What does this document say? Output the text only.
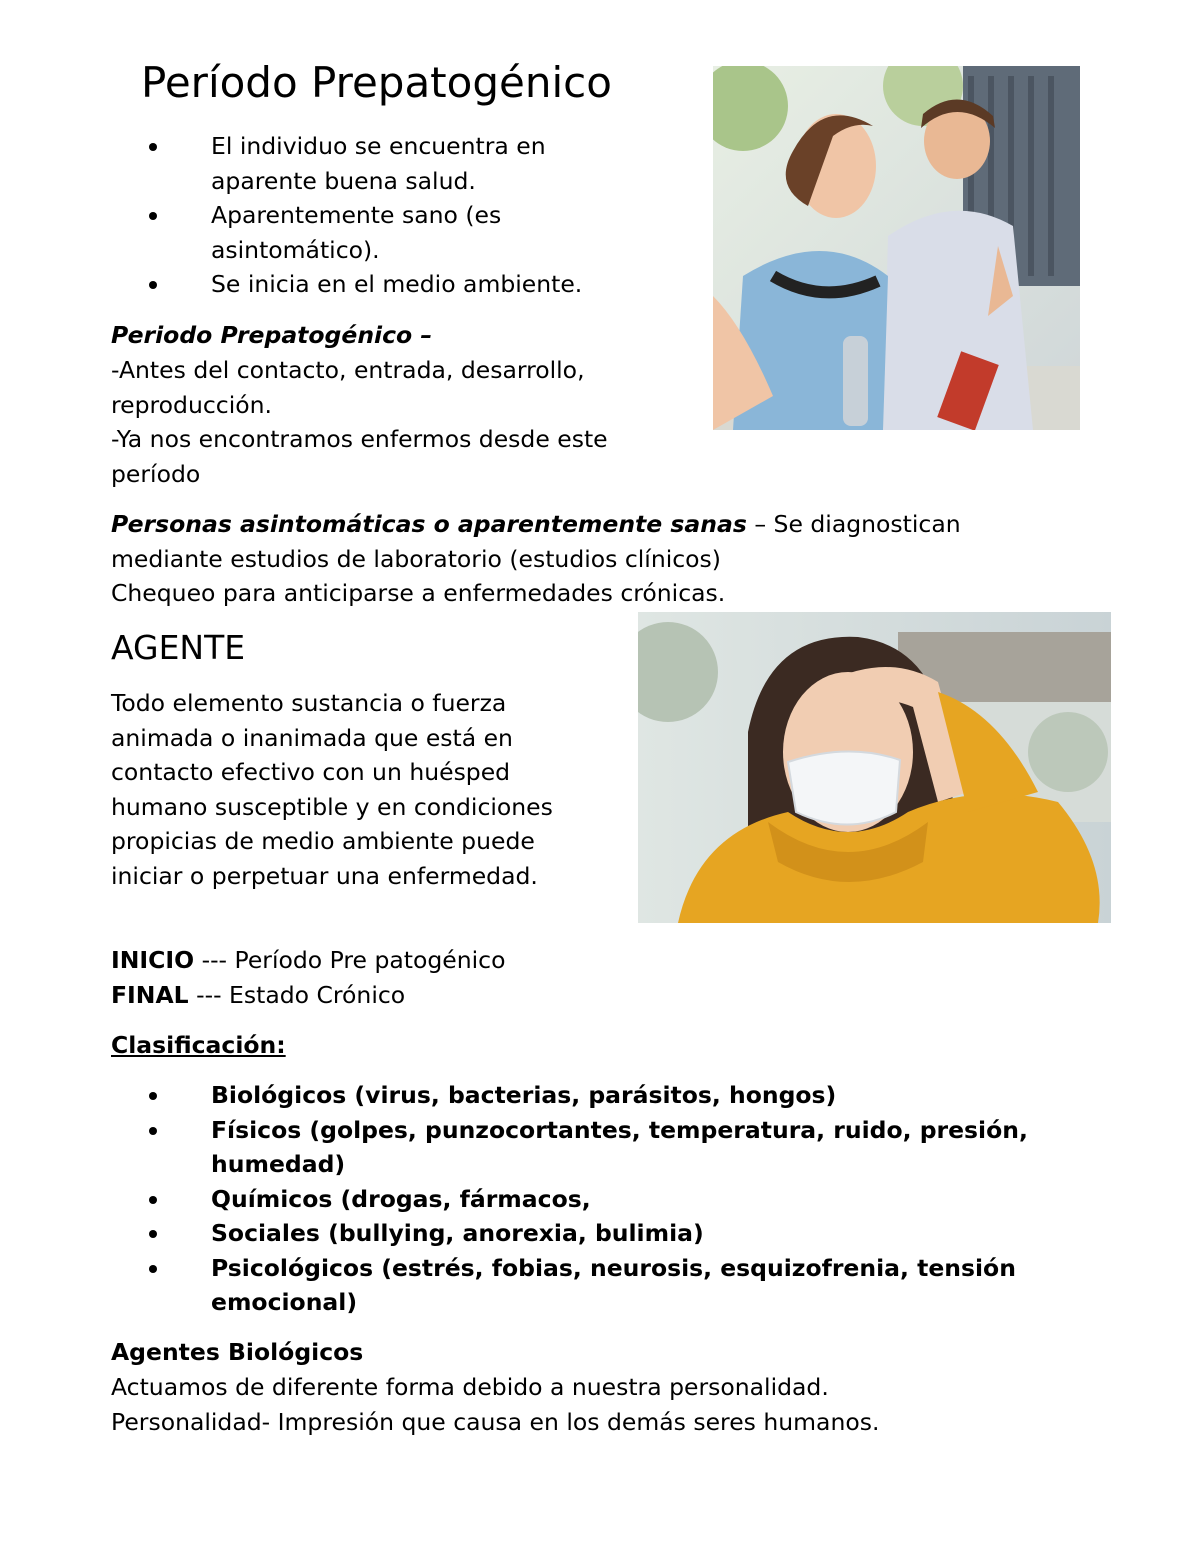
Período Prepatogénico
El individuo se encuentra en aparente buena salud.
Aparentemente sano (es asintomático).
Se inicia en el medio ambiente.

Periodo Prepatogénico –

-Antes del contacto, entrada, desarrollo, reproducción.

-Ya nos encontramos enfermos desde este período

Personas asintomáticas o aparentemente sanas – Se diagnostican mediante estudios de laboratorio (estudios clínicos)

Chequeo para anticiparse a enfermedades crónicas.

AGENTE

Todo elemento sustancia o fuerza animada o inanimada que está en contacto efectivo con un huésped humano susceptible y en condiciones propicias de medio ambiente puede iniciar o perpetuar una enfermedad.

INICIO --- Período Pre patogénico

FINAL --- Estado Crónico

Clasificación:

Biológicos (virus, bacterias, parásitos, hongos)
Físicos (golpes, punzocortantes, temperatura, ruido, presión, humedad)
Químicos (drogas, fármacos,
Sociales (bullying, anorexia, bulimia)
Psicológicos (estrés, fobias, neurosis, esquizofrenia, tensión emocional)

Agentes Biológicos

Actuamos de diferente forma debido a nuestra personalidad.

Personalidad- Impresión que causa en los demás seres humanos.
